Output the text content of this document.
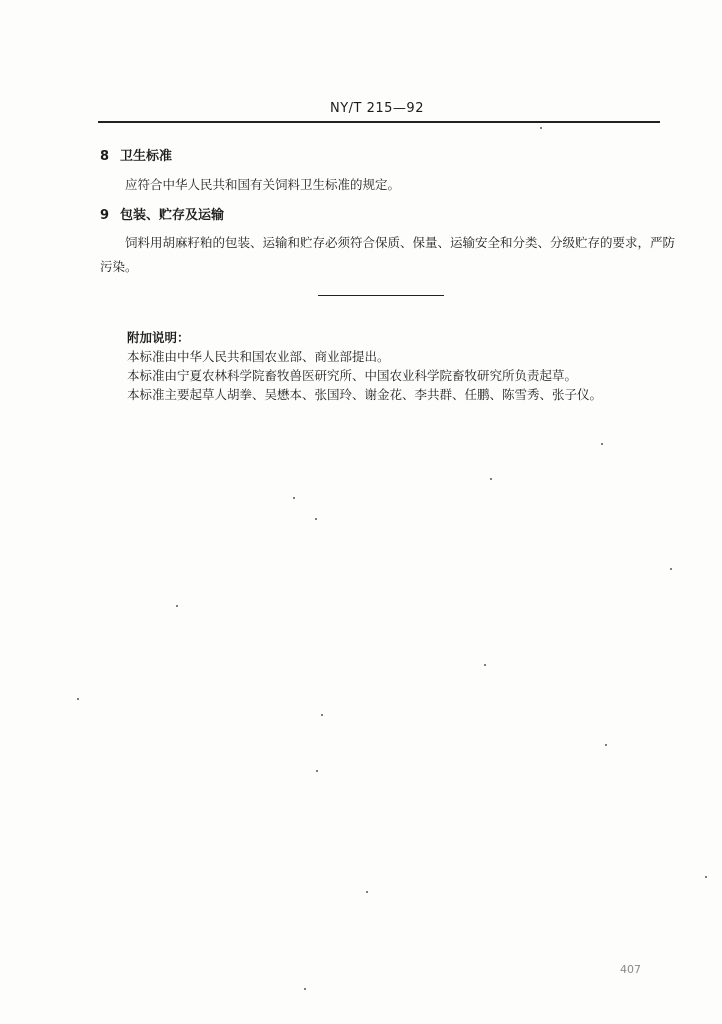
NY/T 215—92
8 卫生标准
应符合中华人民共和国有关饲料卫生标准的规定。
9 包装、贮存及运输
饲料用胡麻籽粕的包装、运输和贮存必须符合保质、保量、运输安全和分类、分级贮存的要求，严防
污染。
附加说明：
本标准由中华人民共和国农业部、商业部提出。
本标准由宁夏农林科学院畜牧兽医研究所、中国农业科学院畜牧研究所负责起草。
本标准主要起草人胡拳、吴懋本、张国玲、谢金花、李共群、任鹏、陈雪秀、张子仪。
407
